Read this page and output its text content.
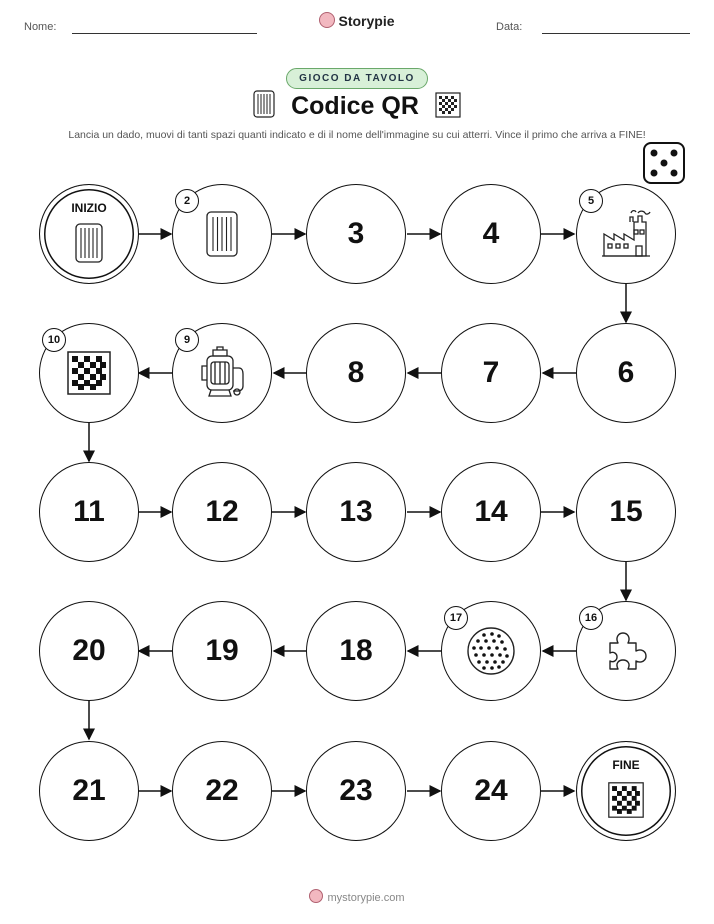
Nome:	Storypie	Data:
GIOCO DA TAVOLO
Codice QR
Lancia un dado, muovi di tanti spazi quanti indicato e di il nome dell'immagine su cui atterri. Vince il primo che arriva a FINE!
INIZIO	2
3	4
5
10	9
8	7	6
11	12	13	14	15
20	19	18
17	16
21	22	23	24
FINE
mystorypie.com
